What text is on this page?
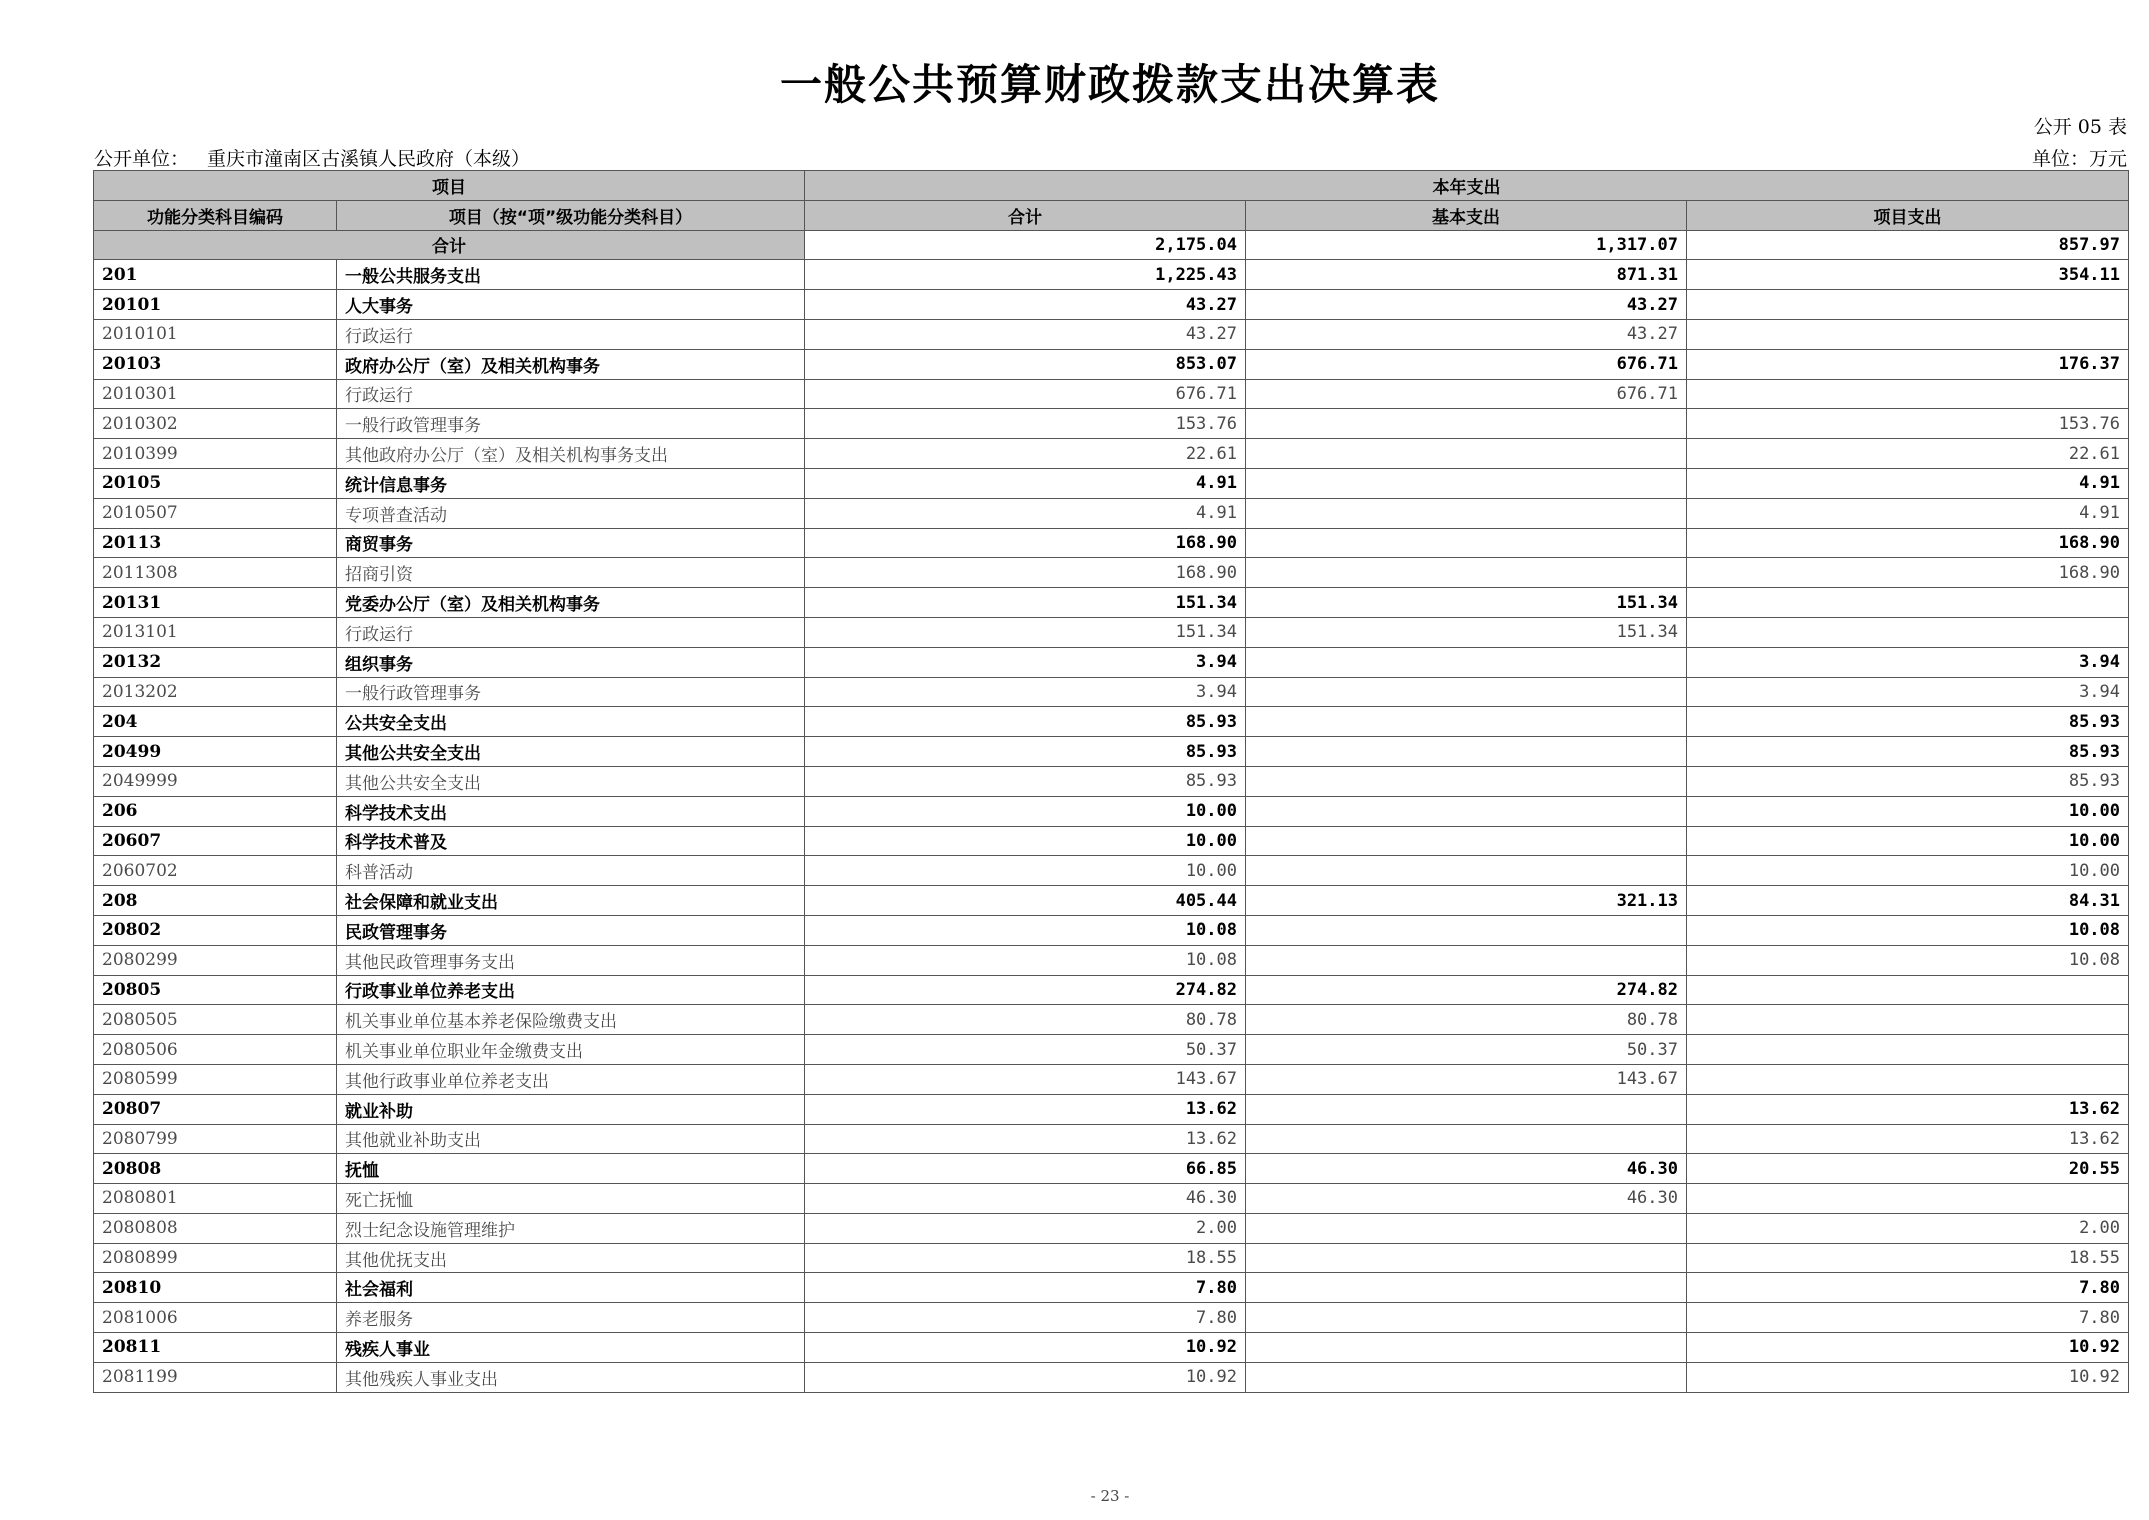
一般公共预算财政拨款支出决算表
公开 05 表
公开单位： 重庆市潼南区古溪镇人民政府（本级）	单位：万元
项目		本年支出		
功能分类科目编码	项目（按“项”级功能分类科目）	合计	基本支出	项目支出
合计		2,175.04	1,317.07	857.97
201	一般公共服务支出	1,225.43	871.31	354.11
20101	人大事务	43.27	43.27	
2010101	行政运行	43.27	43.27	
20103	政府办公厅（室）及相关机构事务	853.07	676.71	176.37
2010301	行政运行	676.71	676.71	
2010302	一般行政管理事务	153.76		153.76
2010399	其他政府办公厅（室）及相关机构事务支出	22.61		22.61
20105	统计信息事务	4.91		4.91
2010507	专项普查活动	4.91		4.91
20113	商贸事务	168.90		168.90
2011308	招商引资	168.90		168.90
20131	党委办公厅（室）及相关机构事务	151.34	151.34	
2013101	行政运行	151.34	151.34	
20132	组织事务	3.94		3.94
2013202	一般行政管理事务	3.94		3.94
204	公共安全支出	85.93		85.93
20499	其他公共安全支出	85.93		85.93
2049999	其他公共安全支出	85.93		85.93
206	科学技术支出	10.00		10.00
20607	科学技术普及	10.00		10.00
2060702	科普活动	10.00		10.00
208	社会保障和就业支出	405.44	321.13	84.31
20802	民政管理事务	10.08		10.08
2080299	其他民政管理事务支出	10.08		10.08
20805	行政事业单位养老支出	274.82	274.82	
2080505	机关事业单位基本养老保险缴费支出	80.78	80.78	
2080506	机关事业单位职业年金缴费支出	50.37	50.37	
2080599	其他行政事业单位养老支出	143.67	143.67	
20807	就业补助	13.62		13.62
2080799	其他就业补助支出	13.62		13.62
20808	抚恤	66.85	46.30	20.55
2080801	死亡抚恤	46.30	46.30	
2080808	烈士纪念设施管理维护	2.00		2.00
2080899	其他优抚支出	18.55		18.55
20810	社会福利	7.80		7.80
2081006	养老服务	7.80		7.80
20811	残疾人事业	10.92		10.92
2081199	其他残疾人事业支出	10.92		10.92
- 23 -
